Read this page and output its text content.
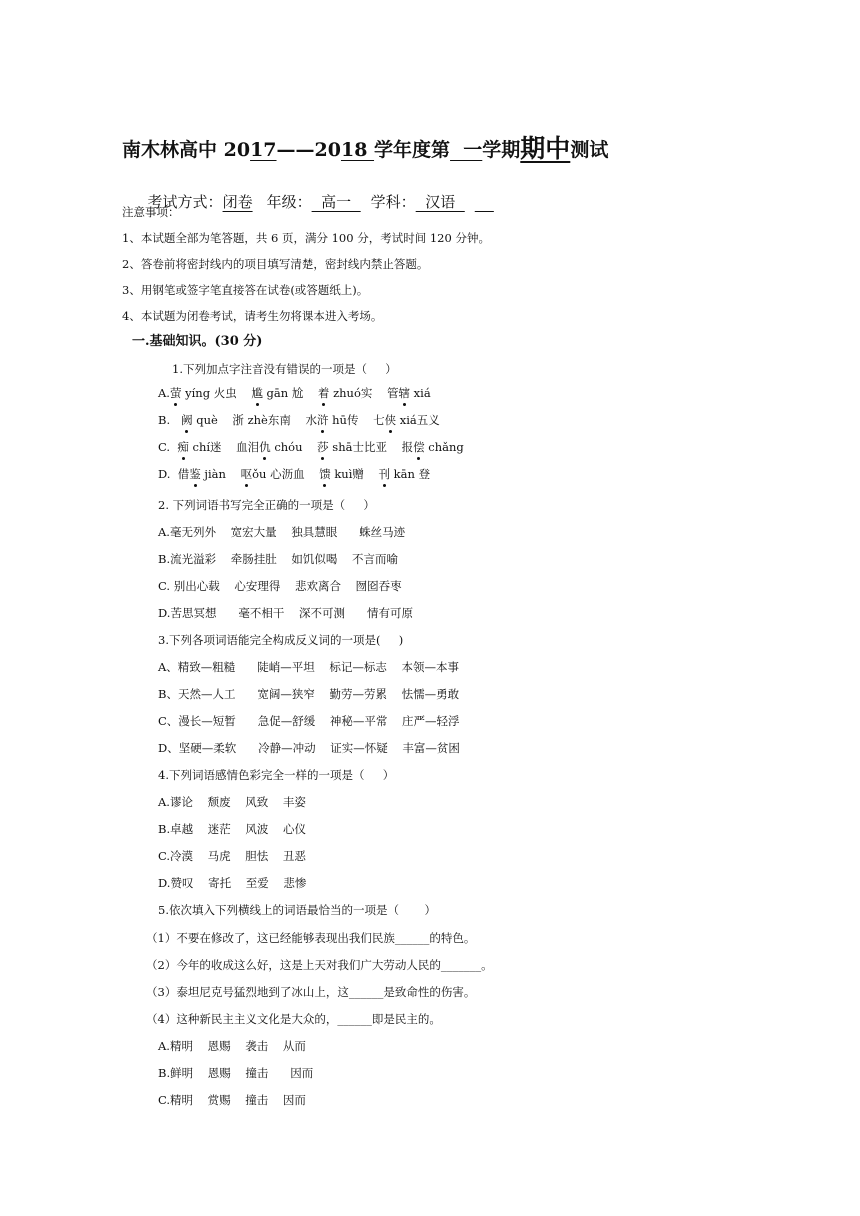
南木林高中 2017——2018 学年度第  一学期期中测试

考试方式：闭卷 年级：  高一  学科：  汉语

注意事项：
1、本试题全部为笔答题，共 6 页，满分 100 分，考试时间 120 分钟。
2、答卷前将密封线内的项目填写清楚，密封线内禁止答题。
3、用钢笔或签字笔直接答在试卷(或答题纸上)。
4、本试题为闭卷考试，请考生勿将课本进入考场。
一.基础知识。(30 分)
1.下列加点字注音没有错误的一项是（     ）
A.萤 yíng 火虫    尴 gān 尬    着 zhuó实    管辖 xiá
B.   阙 què    浙 zhè东南    水浒 hū传    七侠 xiá五义
C.  痴 chí迷    血泪仇 chóu    莎 shā士比亚    报偿 chǎng
D.  借鉴 jiàn    呕ǒu 心沥血    馈 kuì赠    刊 kān 登
2. 下列词语书写完全正确的一项是（     ）
A.毫无列外    宽宏大量    独具慧眼      蛛丝马迹
B.流光溢彩    牵肠挂肚    如饥似喝    不言而喻
C. 别出心载    心安理得    悲欢离合    囫囵吞枣
D.苦思冥想      毫不相干    深不可测      情有可原
3.下列各项词语能完全构成反义词的一项是(     )
A、精致—粗糙      陡峭—平坦    标记—标志    本领—本事
B、天然—人工      宽阔—狭窄    勤劳—劳累    怯懦—勇敢
C、漫长—短暂      急促—舒缓    神秘—平常    庄严—轻浮
D、坚硬—柔软      冷静—冲动    证实—怀疑    丰富—贫困
4.下列词语感情色彩完全一样的一项是（     ）
A.谬论    颓废    风致    丰姿
B.卓越    迷茫    风波    心仪
C.冷漠    马虎    胆怯    丑恶
D.赞叹    寄托    至爱    悲惨
5.依次填入下列横线上的词语最恰当的一项是（       ）
（1）不要在修改了，这已经能够表现出我们民族______的特色。
（2）今年的收成这么好，这是上天对我们广大劳动人民的_______。
（3）泰坦尼克号猛烈地到了冰山上，这______是致命性的伤害。
（4）这种新民主主义文化是大众的，______即是民主的。
A.精明    恩赐    袭击    从而
B.鲜明    恩赐    撞击      因而
C.精明    赏赐    撞击    因而
